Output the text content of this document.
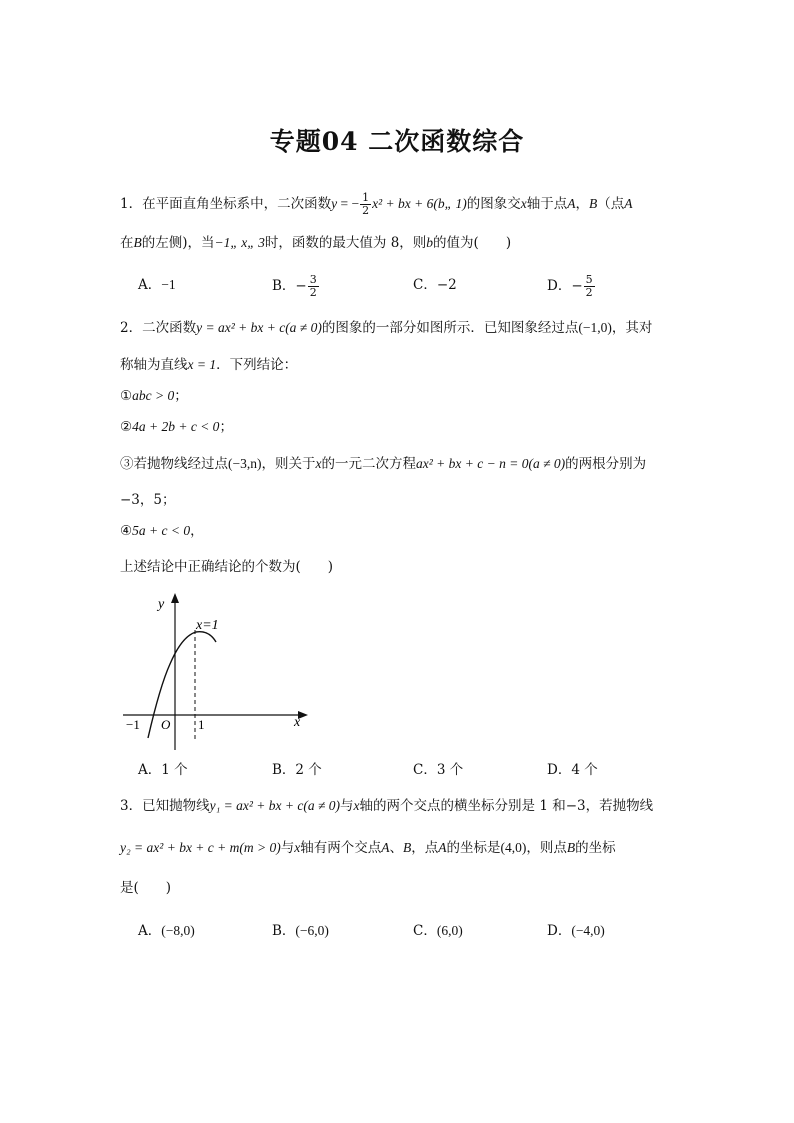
专题04 二次函数综合
1．在平面直角坐标系中，二次函数y = − $\frac{1}{2} x^2$ + bx + 6(b„ 1)的图象交x轴于点A，B（点A
在B的左侧)，当−1„ x„ 3时，函数的最大值为 8，则b的值为(　　)
A．−1	B．− $\frac{3}{2}$	C．−2	D．− $\frac{5}{2}$
2．二次函数y = ax² + bx + c(a ≠ 0)的图象的一部分如图所示．已知图象经过点(−1,0)，其对
称轴为直线x = 1．下列结论：
①abc > 0；
②4a + 2b + c < 0；
③若抛物线经过点(−3,n)，则关于x的一元二次方程ax² + bx + c − n = 0(a ≠ 0)的两根分别为
−3，5；
④5a + c < 0，
上述结论中正确结论的个数为(　　)
y
x
x=1
O
−1	1
A．1 个	B．2 个	C．3 个	D．4 个
3．已知抛物线y₁ = ax² + bx + c(a ≠ 0)与x轴的两个交点的横坐标分别是 1 和−3，若抛物线
y₂ = ax² + bx + c + m(m > 0)与x轴有两个交点A、B，点A的坐标是(4,0)，则点B的坐标
是(　　)
A．(−8,0)	B．(−6,0)	C．(6,0)	D．(−4,0)
